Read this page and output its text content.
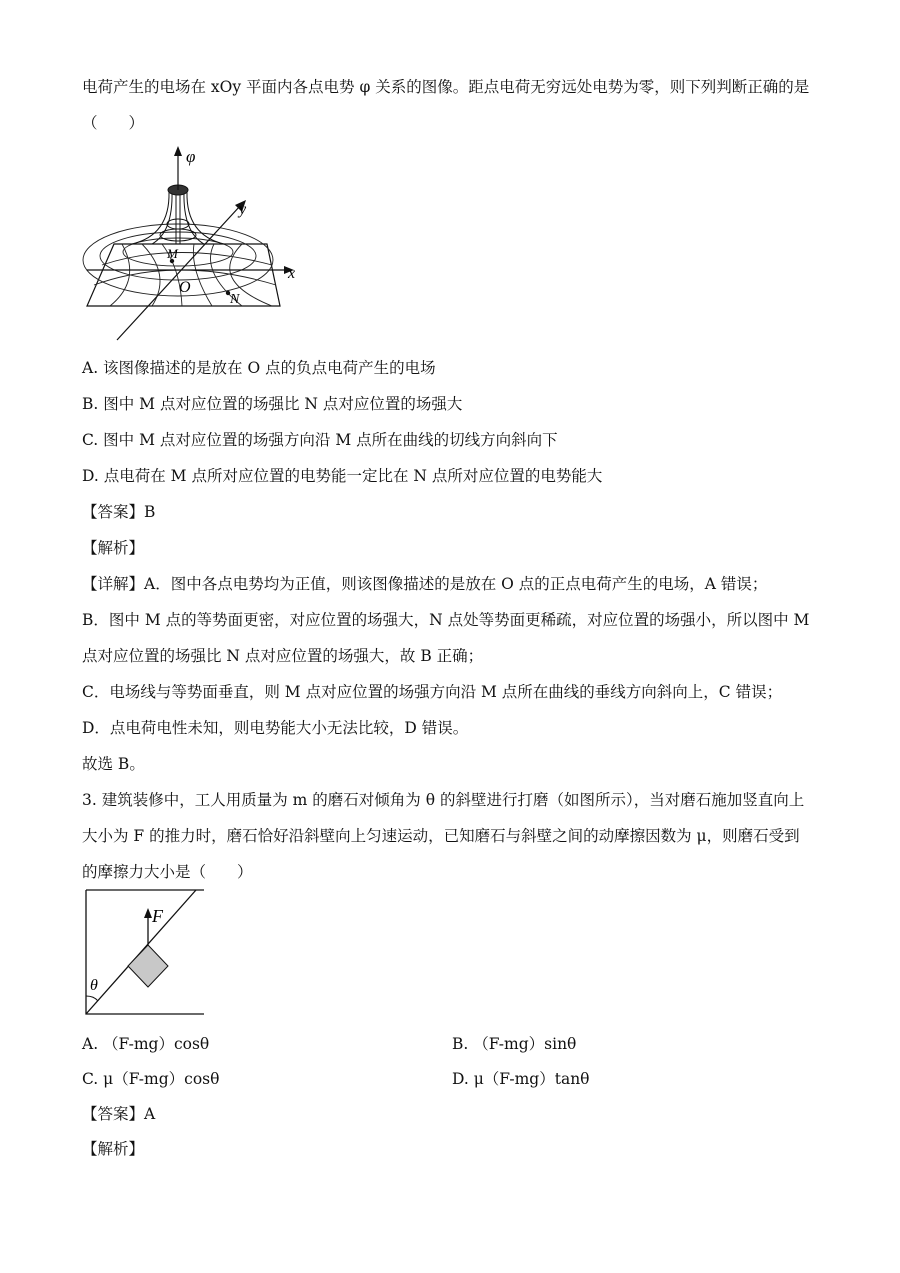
电荷产生的电场在 xOy 平面内各点电势 φ 关系的图像。距点电荷无穷远处电势为零，则下列判断正确的是
（　　）
φ
y
x
O
M
N
A. 该图像描述的是放在 O 点的负点电荷产生的电场
B. 图中 M 点对应位置的场强比 N 点对应位置的场强大
C. 图中 M 点对应位置的场强方向沿 M 点所在曲线的切线方向斜向下
D. 点电荷在 M 点所对应位置的电势能一定比在 N 点所对应位置的电势能大
【答案】B
【解析】
【详解】A．图中各点电势均为正值，则该图像描述的是放在 O 点的正点电荷产生的电场，A 错误；
B．图中 M 点的等势面更密，对应位置的场强大，N 点处等势面更稀疏，对应位置的场强小，所以图中 M
点对应位置的场强比 N 点对应位置的场强大，故 B 正确；
C．电场线与等势面垂直，则 M 点对应位置的场强方向沿 M 点所在曲线的垂线方向斜向上，C 错误；
D．点电荷电性未知，则电势能大小无法比较，D 错误。
故选 B。
3. 建筑装修中，工人用质量为 m 的磨石对倾角为 θ 的斜壁进行打磨（如图所示），当对磨石施加竖直向上
大小为 F 的推力时，磨石恰好沿斜壁向上匀速运动，已知磨石与斜壁之间的动摩擦因数为 μ，则磨石受到
的摩擦力大小是（　　）
F
θ
A. （F-mg）cosθ	B. （F-mg）sinθ
C. μ（F-mg）cosθ	D. μ（F-mg）tanθ
【答案】A
【解析】
